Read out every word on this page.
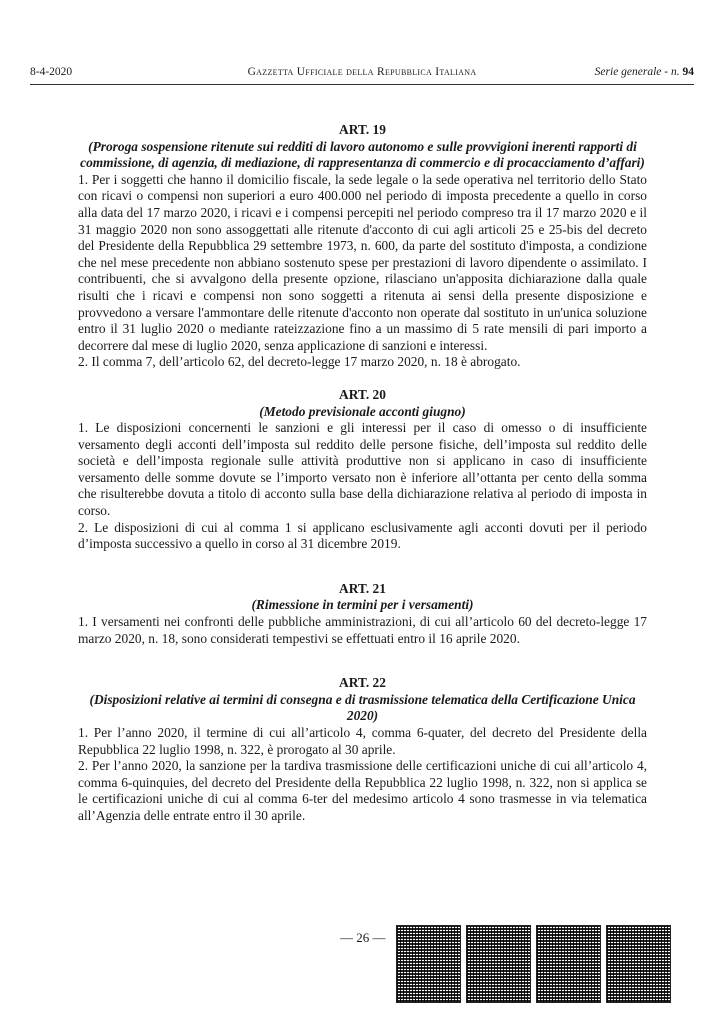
8-4-2020	Gazzetta Ufficiale della Repubblica Italiana	Serie generale - n. 94

ART. 19

(Proroga sospensione ritenute sui redditi di lavoro autonomo e sulle provvigioni inerenti rapporti di commissione, di agenzia, di mediazione, di rappresentanza di commercio e di procacciamento d’affari)

1. Per i soggetti che hanno il domicilio fiscale, la sede legale o la sede operativa nel territorio dello Stato con ricavi o compensi non superiori a euro 400.000 nel periodo di imposta precedente a quello in corso alla data del 17 marzo 2020, i ricavi e i compensi percepiti nel periodo compreso tra il 17 marzo 2020 e il 31 maggio 2020 non sono assoggettati alle ritenute d'acconto di cui agli articoli 25 e 25-bis del decreto del Presidente della Repubblica 29 settembre 1973, n. 600, da parte del sostituto d'imposta, a condizione che nel mese precedente non abbiano sostenuto spese per prestazioni di lavoro dipendente o assimilato. I contribuenti, che si avvalgono della presente opzione, rilasciano un'apposita dichiarazione dalla quale risulti che i ricavi e compensi non sono soggetti a ritenuta ai sensi della presente disposizione e provvedono a versare l'ammontare delle ritenute d'acconto non operate dal sostituto in un'unica soluzione entro il 31 luglio 2020 o mediante rateizzazione fino a un massimo di 5 rate mensili di pari importo a decorrere dal mese di luglio 2020, senza applicazione di sanzioni e interessi.

2. Il comma 7, dell’articolo 62, del decreto-legge 17 marzo 2020, n. 18 è abrogato.

ART. 20

(Metodo previsionale acconti giugno)

1. Le disposizioni concernenti le sanzioni e gli interessi per il caso di omesso o di insufficiente versamento degli acconti dell’imposta sul reddito delle persone fisiche, dell’imposta sul reddito delle società e dell’imposta regionale sulle attività produttive non si applicano in caso di insufficiente versamento delle somme dovute se l’importo versato non è inferiore all’ottanta per cento della somma che risulterebbe dovuta a titolo di acconto sulla base della dichiarazione relativa al periodo di imposta in corso.

2. Le disposizioni di cui al comma 1 si applicano esclusivamente agli acconti dovuti per il periodo d’imposta successivo a quello in corso al 31 dicembre 2019.

ART. 21

(Rimessione in termini per i versamenti)

1. I versamenti nei confronti delle pubbliche amministrazioni, di cui all’articolo 60 del decreto-legge 17 marzo 2020, n. 18, sono considerati tempestivi se effettuati entro il 16 aprile 2020.

ART. 22

(Disposizioni relative ai termini di consegna e di trasmissione telematica della Certificazione Unica 2020)

1. Per l’anno 2020, il termine di cui all’articolo 4, comma 6-quater, del decreto del Presidente della Repubblica 22 luglio 1998, n. 322, è prorogato al 30 aprile.

2. Per l’anno 2020, la sanzione per la tardiva trasmissione delle certificazioni uniche di cui all’articolo 4, comma 6-quinquies, del decreto del Presidente della Repubblica 22 luglio 1998, n. 322, non si applica se le certificazioni uniche di cui al comma 6-ter del medesimo articolo 4 sono trasmesse in via telematica all’Agenzia delle entrate entro il 30 aprile.

— 26 —
